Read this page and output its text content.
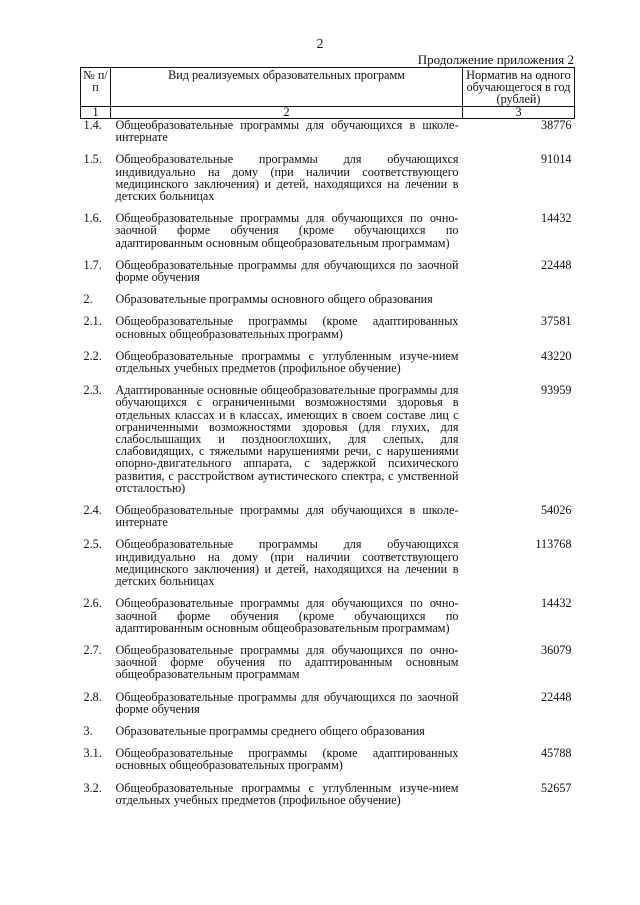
2
Продолжение приложения 2
№ п/п	Вид реализуемых образовательных программ	Норматив на одного обучающегося в год (рублей)
1	2	3
1.4.	Общеобразовательные программы для обучающихся в школе-интернате	38776

1.5.	Общеобразовательные программы для обучающихся индивидуально на дому (при наличии соответствующего медицинского заключения) и детей, находящихся на лечении в детских больницах	91014

1.6.	Общеобразовательные программы для обучающихся по очно-заочной форме обучения (кроме обучающихся по адаптированным основным общеобразовательным программам)	14432

1.7.	Общеобразовательные программы для обучающихся по заочной форме обучения	22448

2.	Образовательные программы основного общего образования	

2.1.	Общеобразовательные программы (кроме адаптированных основных общеобразовательных программ)	37581

2.2.	Общеобразовательные программы с углубленным изуче-нием отдельных учебных предметов (профильное обучение)	43220

2.3.	Адаптированные основные общеобразовательные программы для обучающихся с ограниченными возможностями здоровья в отдельных классах и в классах, имеющих в своем составе лиц с ограниченными возможностями здоровья (для глухих, для слабослышащих и позднооглохших, для слепых, для слабовидящих, с тяжелыми нарушениями речи, с нарушениями опорно-двигательного аппарата, с задержкой психического развития, с расстройством аутистического спектра, с умственной отсталостью)	93959

2.4.	Общеобразовательные программы для обучающихся в школе-интернате	54026

2.5.	Общеобразовательные программы для обучающихся индивидуально на дому (при наличии соответствующего медицинского заключения) и детей, находящихся на лечении в детских больницах	113768

2.6.	Общеобразовательные программы для обучающихся по очно-заочной форме обучения (кроме обучающихся по адаптированным основным общеобразовательным программам)	14432

2.7.	Общеобразовательные программы для обучающихся по очно-заочной форме обучения по адаптированным основным общеобразовательным программам	36079

2.8.	Общеобразовательные программы для обучающихся по заочной форме обучения	22448

3.	Образовательные программы среднего общего образования	

3.1.	Общеобразовательные программы (кроме адаптированных основных общеобразовательных программ)	45788

3.2.	Общеобразовательные программы с углубленным изуче-нием отдельных учебных предметов (профильное обучение)	52657
